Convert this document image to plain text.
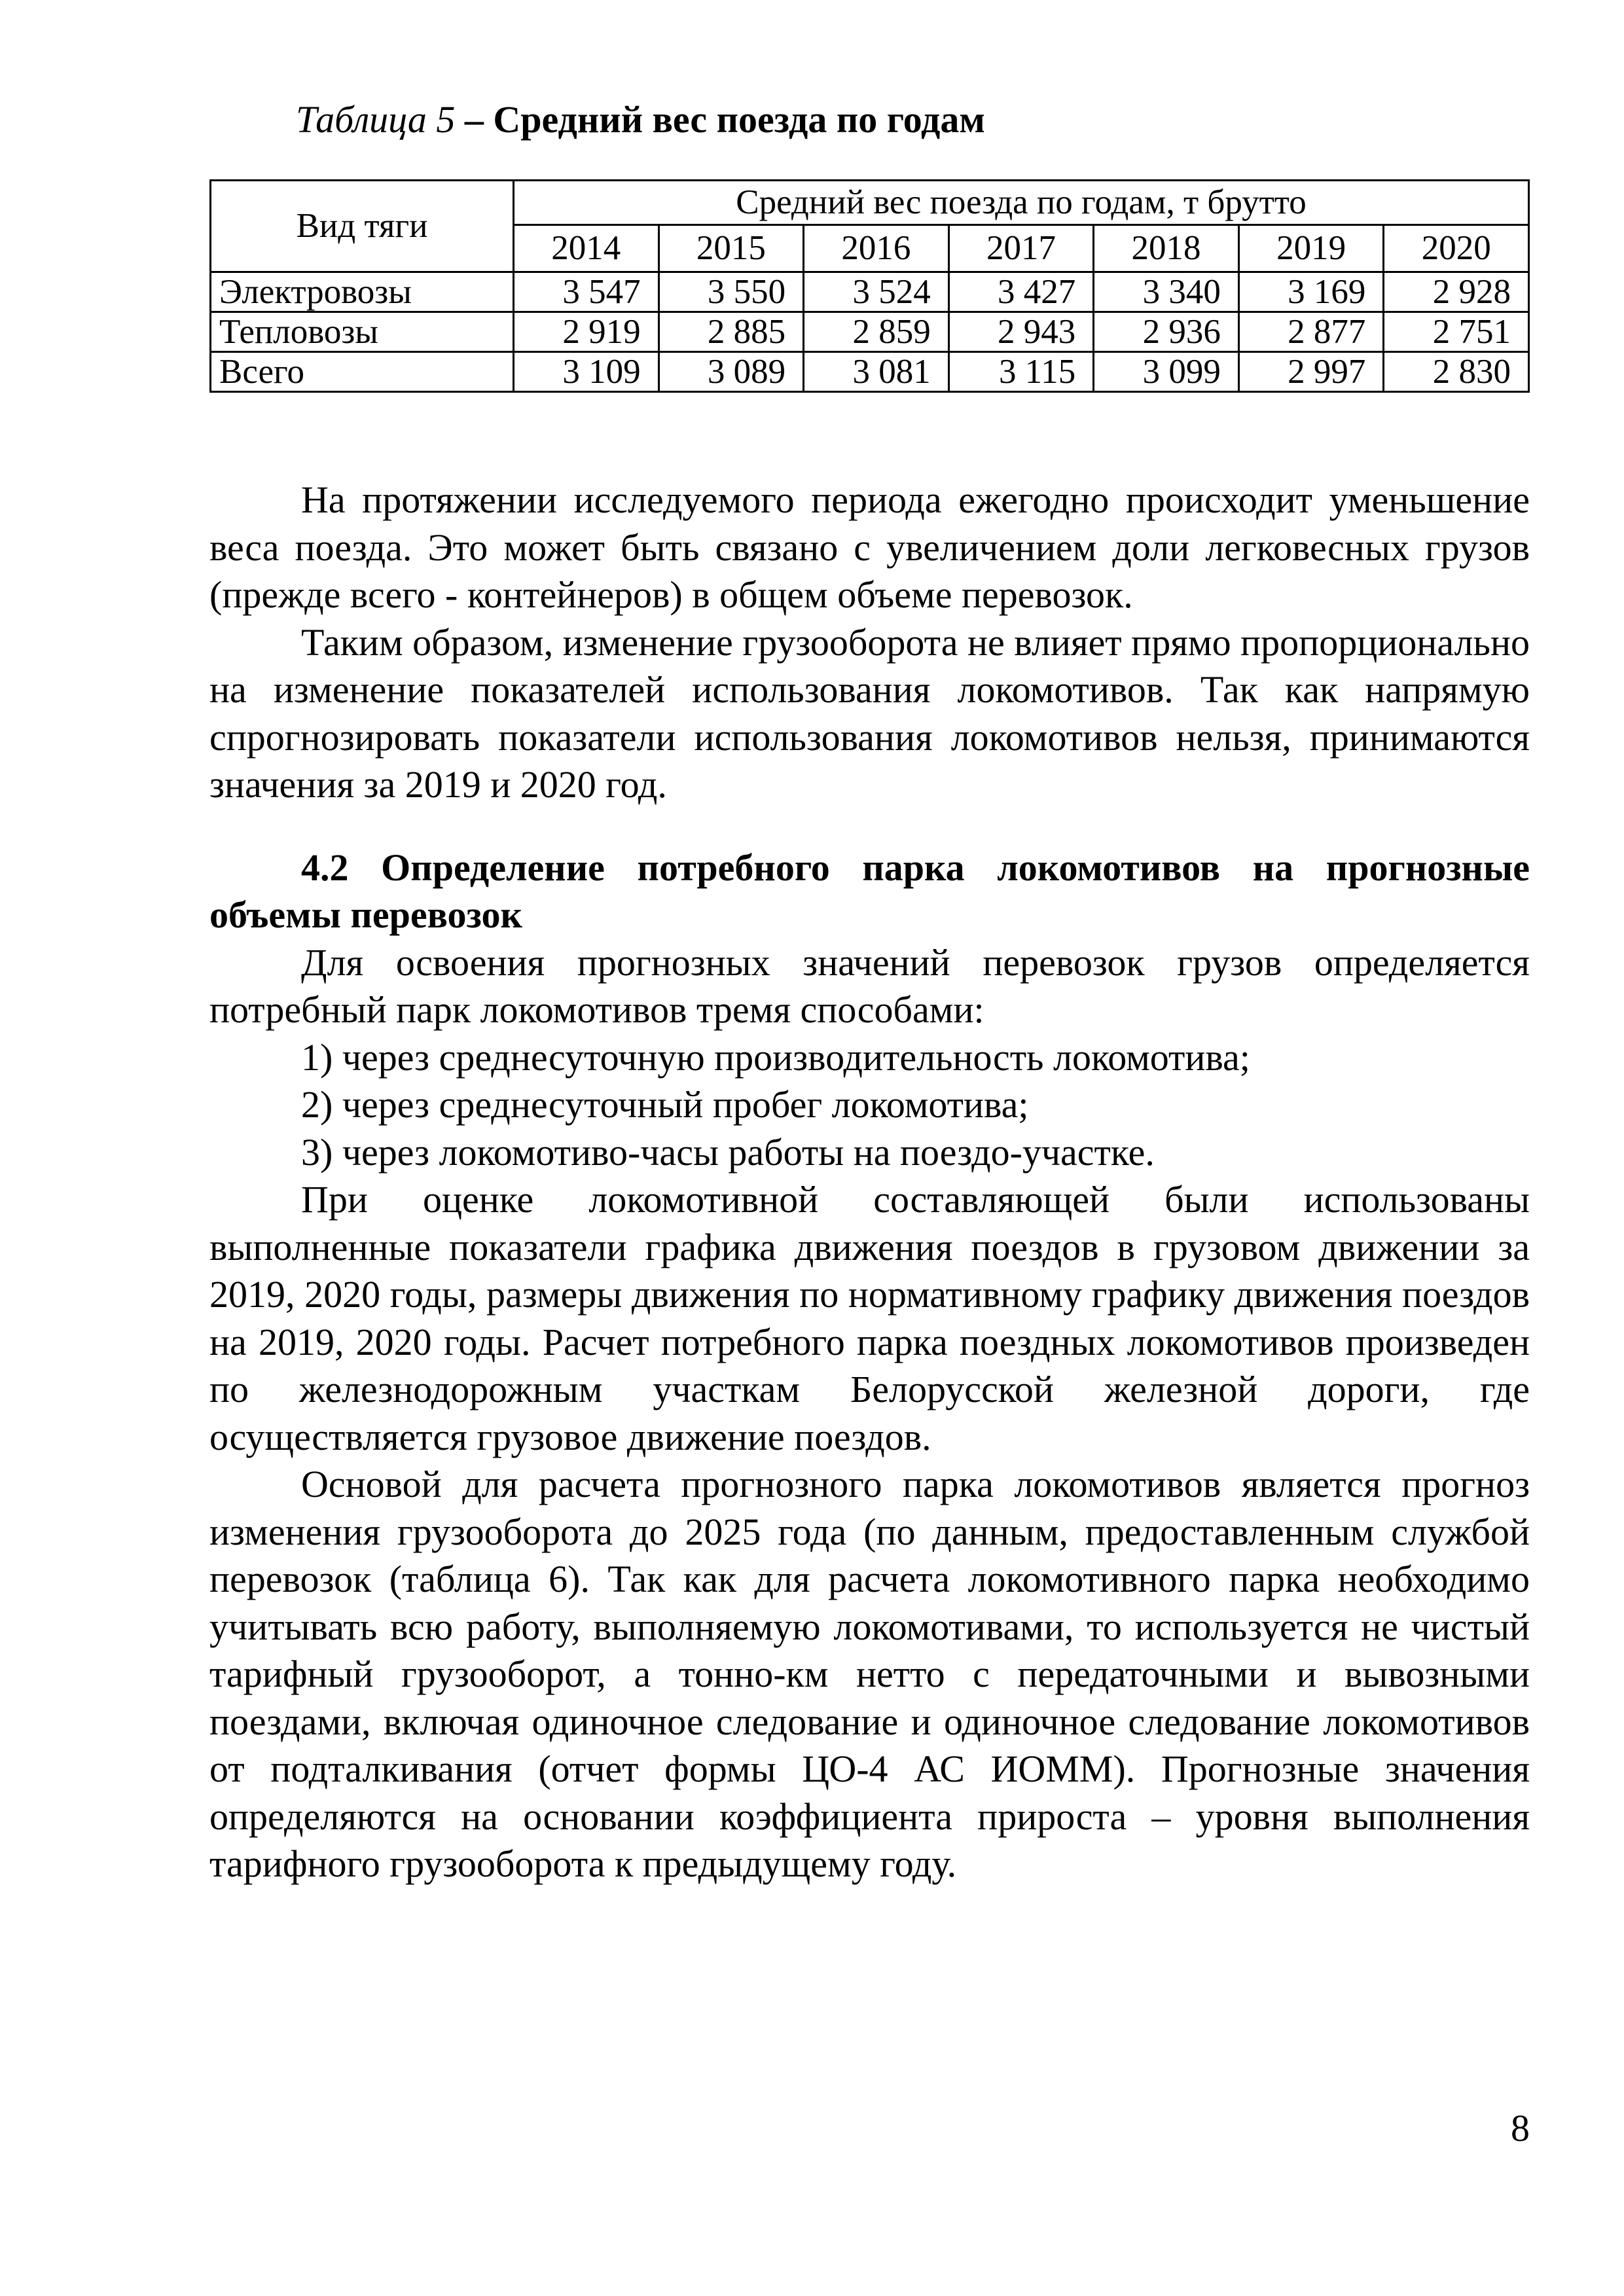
Таблица 5 – Средний вес поезда по годам
Вид тяги	Средний вес поезда по годам, т брутто						
	2014	2015	2016	2017	2018	2019	2020
Электровозы	3 547	3 550	3 524	3 427	3 340	3 169	2 928
Тепловозы	2 919	2 885	2 859	2 943	2 936	2 877	2 751
Всего	3 109	3 089	3 081	3 115	3 099	2 997	2 830

На протяжении исследуемого периода ежегодно происходит уменьшение веса поезда. Это может быть связано с увеличением доли легковесных грузов (прежде всего - контейнеров) в общем объеме перевозок.

Таким образом, изменение грузооборота не влияет прямо пропорционально на изменение показателей использования локомотивов. Так как напрямую спрогнозировать показатели использования локомотивов нельзя, принимаются значения за 2019 и 2020 год.

4.2 Определение потребного парка локомотивов на прогнозные объемы перевозок

Для освоения прогнозных значений перевозок грузов определяется потребный парк локомотивов тремя способами:

1) через среднесуточную производительность локомотива;

2) через среднесуточный пробег локомотива;

3) через локомотиво-часы работы на поездо-участке.

При оценке локомотивной составляющей были использованы выполненные показатели графика движения поездов в грузовом движении за 2019, 2020 годы, размеры движения по нормативному графику движения поездов на 2019, 2020 годы. Расчет потребного парка поездных локомотивов произведен по железнодорожным участкам Белорусской железной дороги, где осуществляется грузовое движение поездов.

Основой для расчета прогнозного парка локомотивов является прогноз изменения грузооборота до 2025 года (по данным, предоставленным службой перевозок (таблица 6). Так как для расчета локомотивного парка необходимо учитывать всю работу, выполняемую локомотивами, то используется не чистый тарифный грузооборот, а тонно-км нетто с передаточными и вывозными поездами, включая одиночное следование и одиночное следование локомотивов от подталкивания (отчет формы ЦО-4 АС ИОММ). Прогнозные значения определяются на основании коэффициента прироста – уровня выполнения тарифного грузооборота к предыдущему году.

8
